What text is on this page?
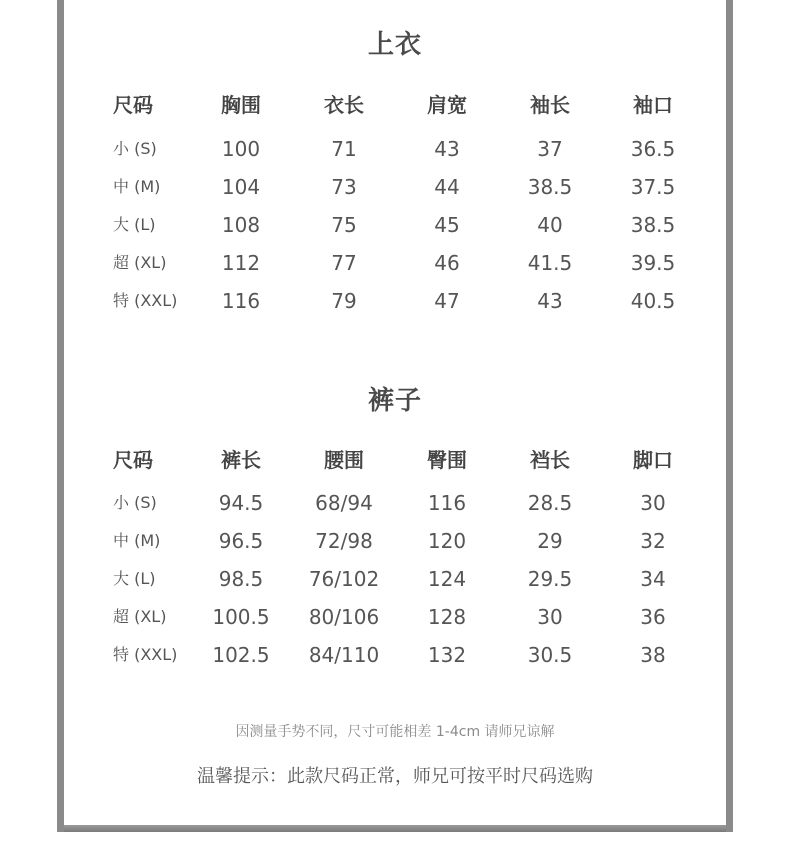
上衣
尺码	胸围	衣长	肩宽	袖长	袖口
小 (S)	100	71	43	37	36.5
中 (M)	104	73	44	38.5	37.5
大 (L)	108	75	45	40	38.5
超 (XL)	112	77	46	41.5	39.5
特 (XXL)	116	79	47	43	40.5
裤子
尺码	裤长	腰围	臀围	裆长	脚口
小 (S)	94.5	68/94	116	28.5	30
中 (M)	96.5	72/98	120	29	32
大 (L)	98.5	76/102	124	29.5	34
超 (XL)	100.5	80/106	128	30	36
特 (XXL)	102.5	84/110	132	30.5	38
因测量手势不同，尺寸可能相差 1-4cm 请师兄谅解
温馨提示：此款尺码正常，师兄可按平时尺码选购
